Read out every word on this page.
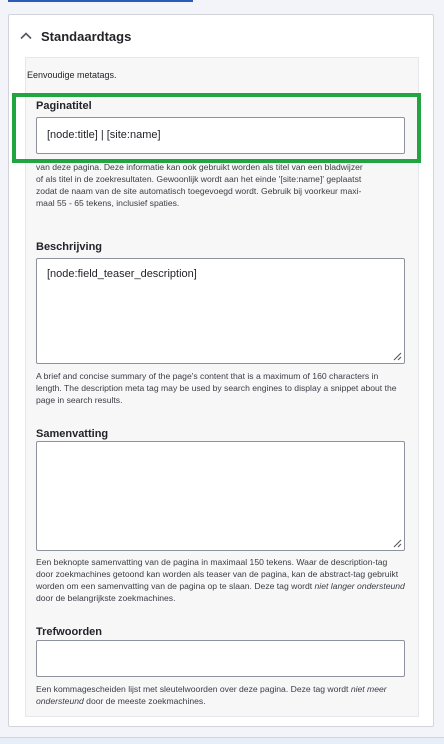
Standaardtags
Eenvoudige metatags.
Paginatitel
[node:title] | [site:name]
van deze pagina. Deze informatie kan ook gebruikt worden als titel van een bladwijzer
of als titel in de zoekresultaten. Gewoonlijk wordt aan het einde '[site:name]' geplaatst
zodat de naam van de site automatisch toegevoegd wordt. Gebruik bij voorkeur maxi-
maal 55 - 65 tekens, inclusief spaties.
Beschrijving
[node:field_teaser_description]
A brief and concise summary of the page's content that is a maximum of 160 characters in length. The description meta tag may be used by search engines to display a snippet about the page in search results.
Samenvatting
Een beknopte samenvatting van de pagina in maximaal 150 tekens. Waar de description-tag door zoekmachines getoond kan worden als teaser van de pagina, kan de abstract-tag gebruikt worden om een samenvatting van de pagina op te slaan. Deze tag wordt niet langer ondersteund door de belangrijkste zoekmachines.
Trefwoorden
Een kommagescheiden lijst met sleutelwoorden over deze pagina. Deze tag wordt niet meer ondersteund door de meeste zoekmachines.
